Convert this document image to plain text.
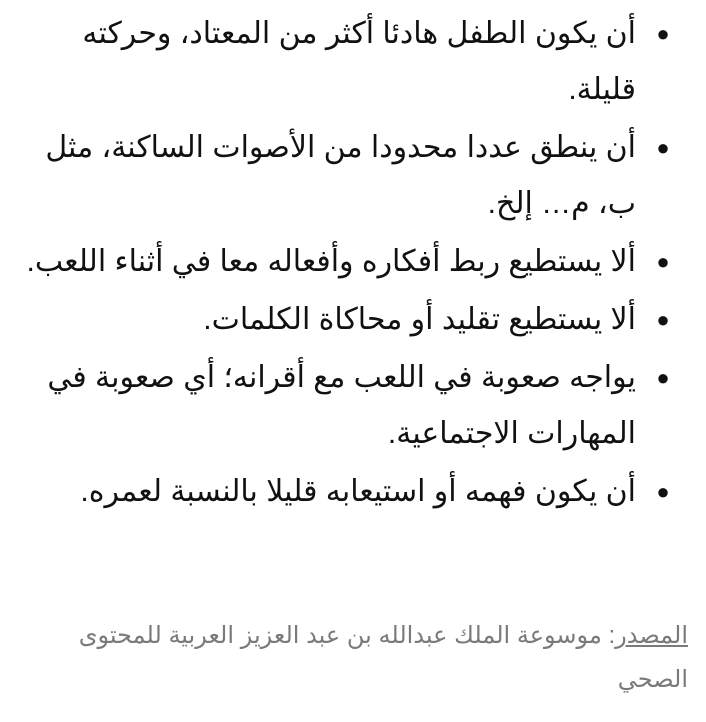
●
أن يكون الطفل هادئا أكثر من المعتاد، وحركته قليلة.
●
أن ينطق عددا محدودا من الأصوات الساكنة، مثل ب، م… إلخ.
●
ألا يستطيع ربط أفكاره وأفعاله معا في أثناء اللعب.
●
ألا يستطيع تقليد أو محاكاة الكلمات.
●
يواجه صعوبة في اللعب مع أقرانه؛ أي صعوبة في المهارات الاجتماعية.
●
أن يكون فهمه أو استيعابه قليلا بالنسبة لعمره.
المصدر: موسوعة الملك عبدالله بن عبد العزيز العربية للمحتوى الصحي
